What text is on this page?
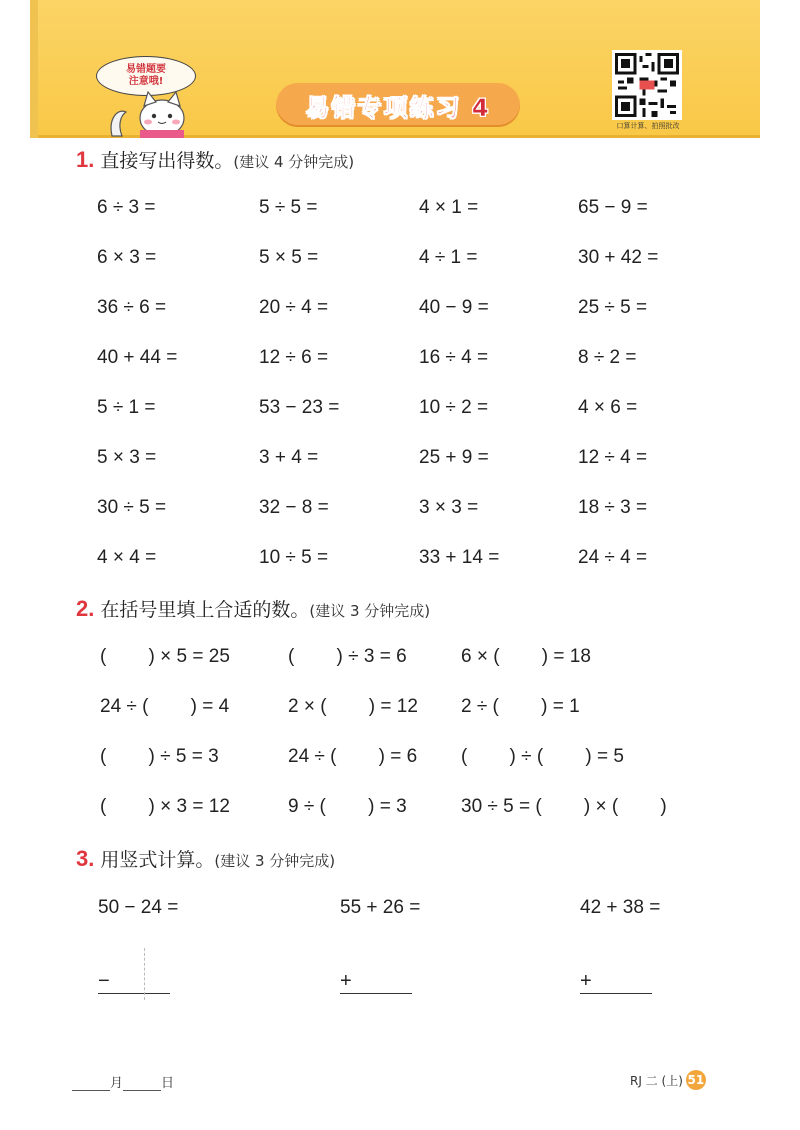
易错题要
注意哦!
易错专项练习 4
口算计算、拍照批改
1. 直接写出得数。(建议 4 分钟完成)
6 ÷ 3 =	5 ÷ 5 =	4 × 1 =	65 − 9 =
6 × 3 =	5 × 5 =	4 ÷ 1 =	30 + 42 =
36 ÷ 6 =	20 ÷ 4 =	40 − 9 =	25 ÷ 5 =
40 + 44 =	12 ÷ 6 =	16 ÷ 4 =	8 ÷ 2 =
5 ÷ 1 =	53 − 23 =	10 ÷ 2 =	4 × 6 =
5 × 3 =	3 + 4 =	25 + 9 =	12 ÷ 4 =
30 ÷ 5 =	32 − 8 =	3 × 3 =	18 ÷ 3 =
4 × 4 =	10 ÷ 5 =	33 + 14 =	24 ÷ 4 =
2. 在括号里填上合适的数。(建议 3 分钟完成)
(        ) × 5 = 25	(        ) ÷ 3 = 6	6 × (        ) = 18
24 ÷ (        ) = 4	2 × (        ) = 12 2 ÷ (        ) = 1
(        ) ÷ 5 = 3	24 ÷ (        ) = 6 (        ) ÷ (        ) = 5
(        ) × 3 = 12	9 ÷ (        ) = 3	30 ÷ 5 = (        ) × (        )
3. 用竖式计算。(建议 3 分钟完成)
50 − 24 =
−
55 + 26 =
+
42 + 38 =
+
月	日	RJ 二 (上) 51
